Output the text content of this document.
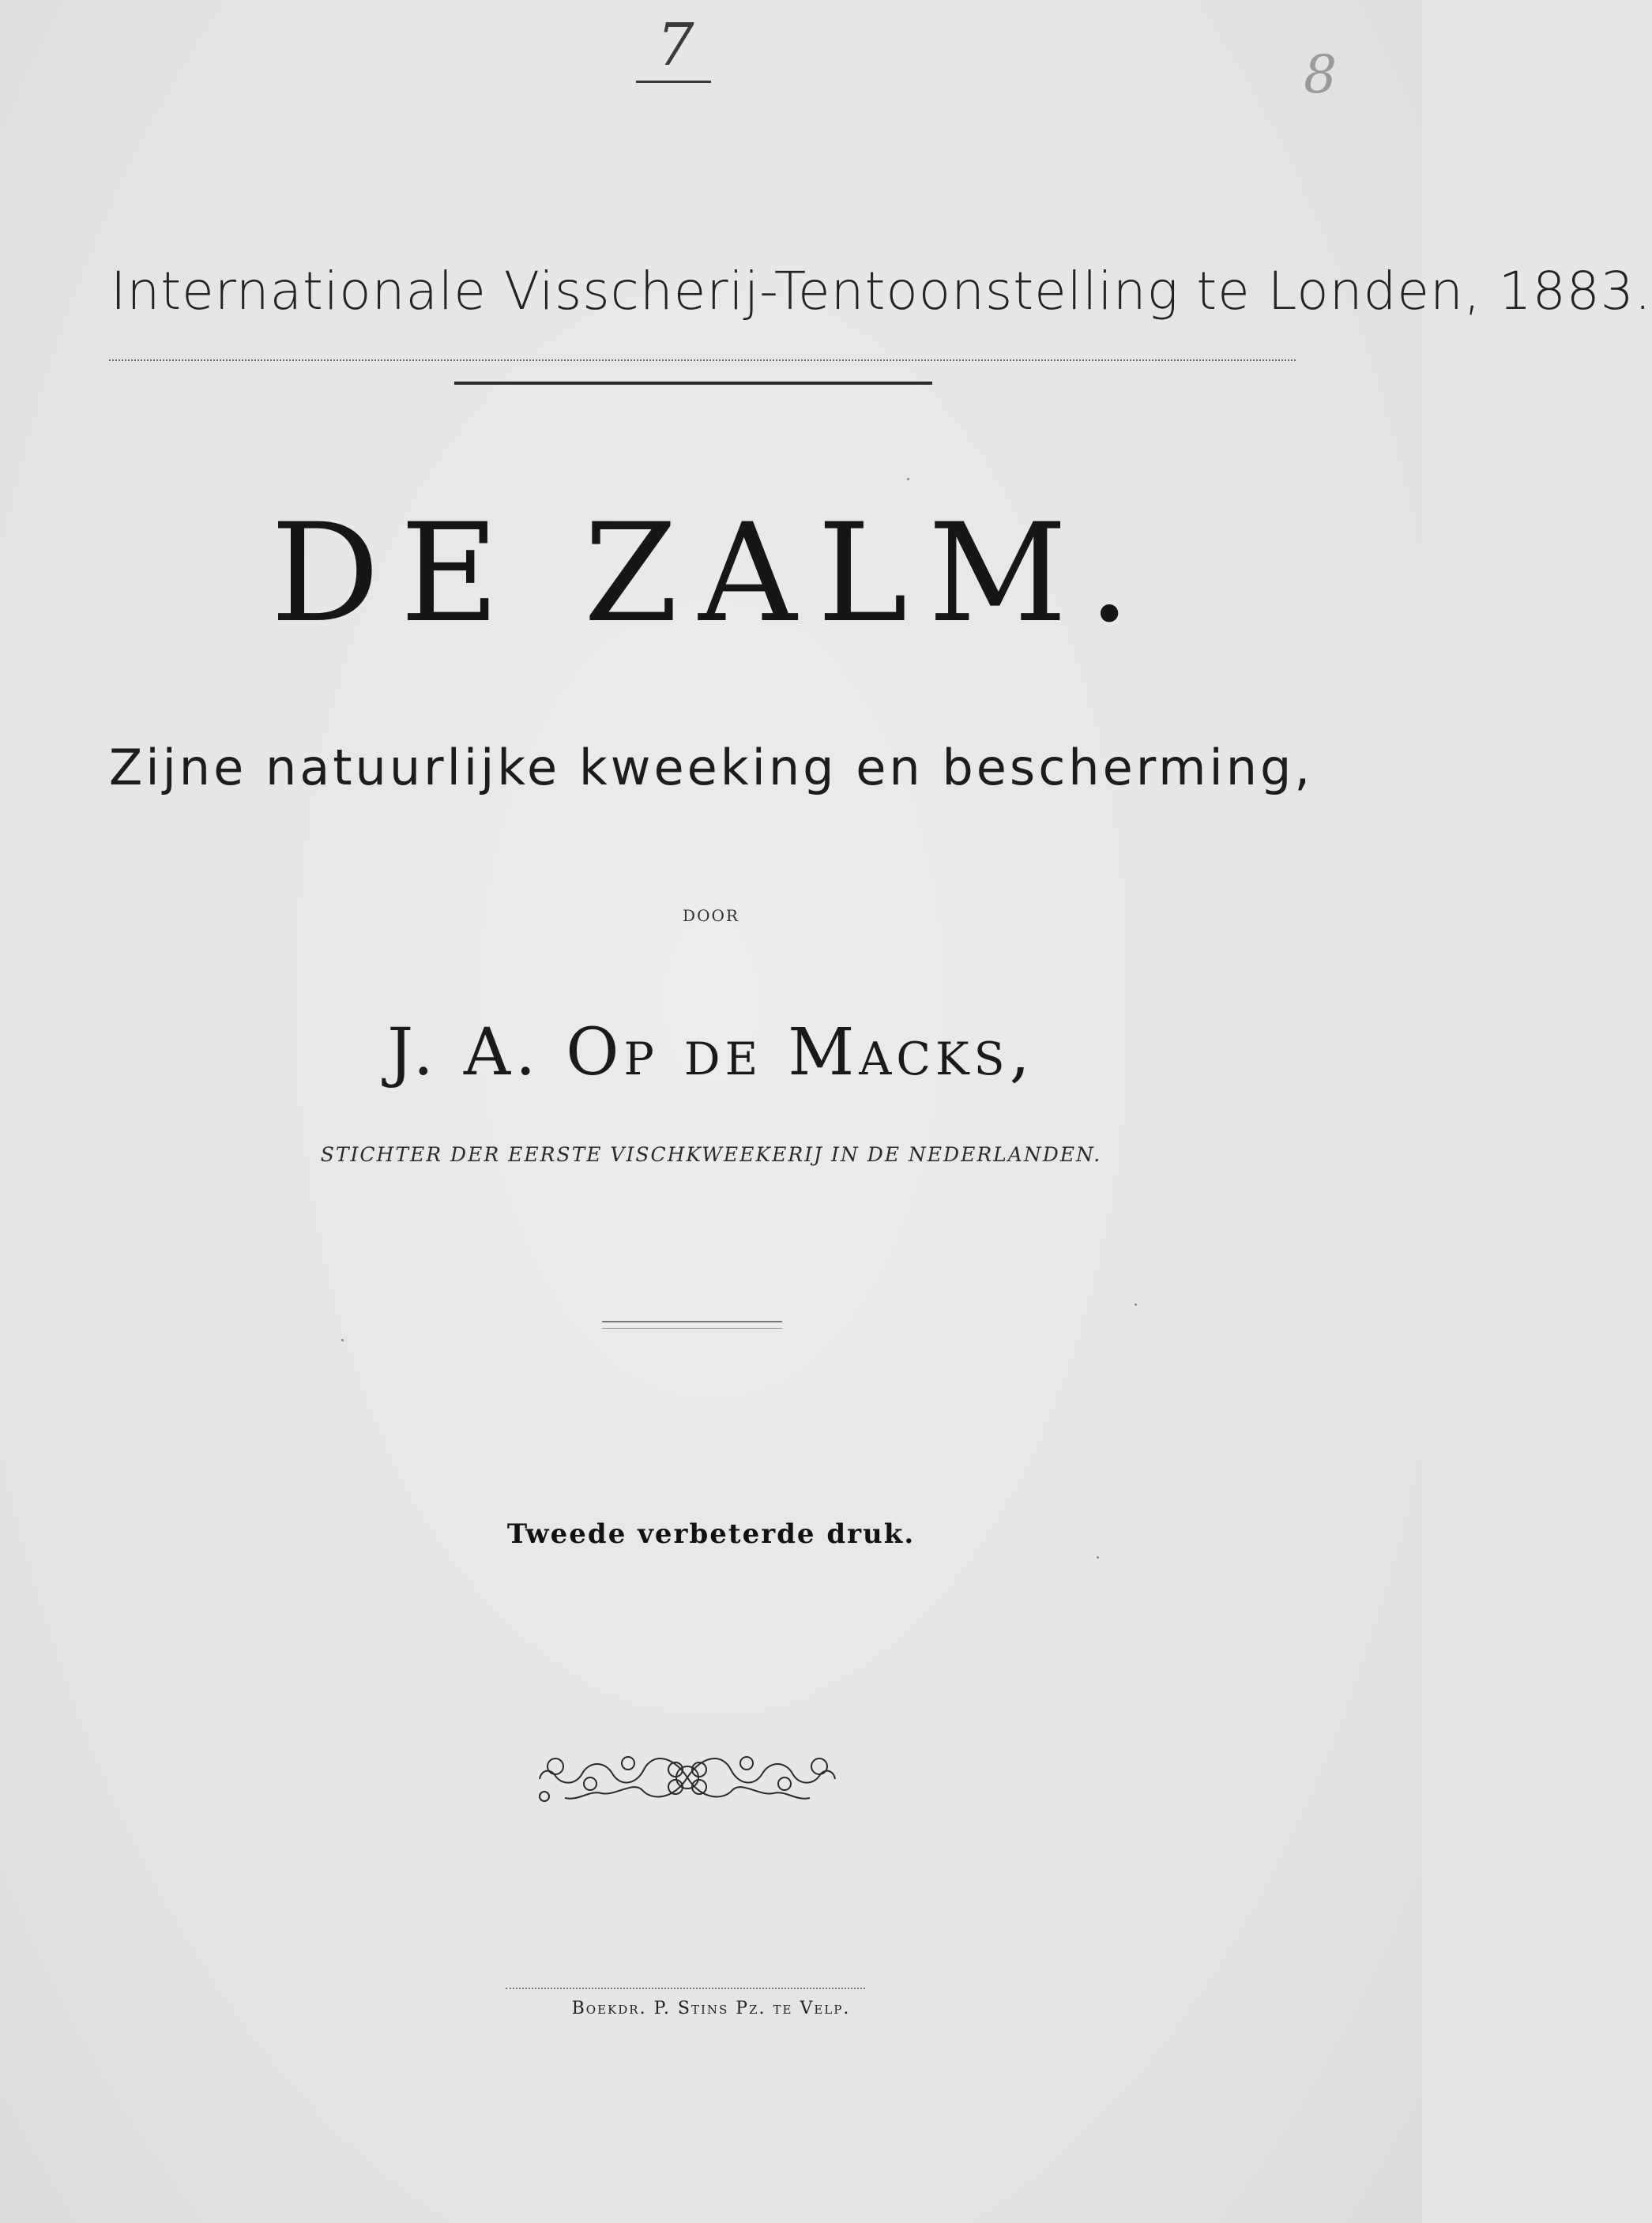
7	8
Internationale Visscherij-Tentoonstelling te Londen, 1883.
DE ZALM.
Zijne natuurlijke kweeking en bescherming,
DOOR
J. A. Op de Macks,
STICHTER DER EERSTE VISCHKWEEKERIJ IN DE NEDERLANDEN.
Tweede verbeterde druk.
Boekdr. P. Stins Pz. te Velp.
